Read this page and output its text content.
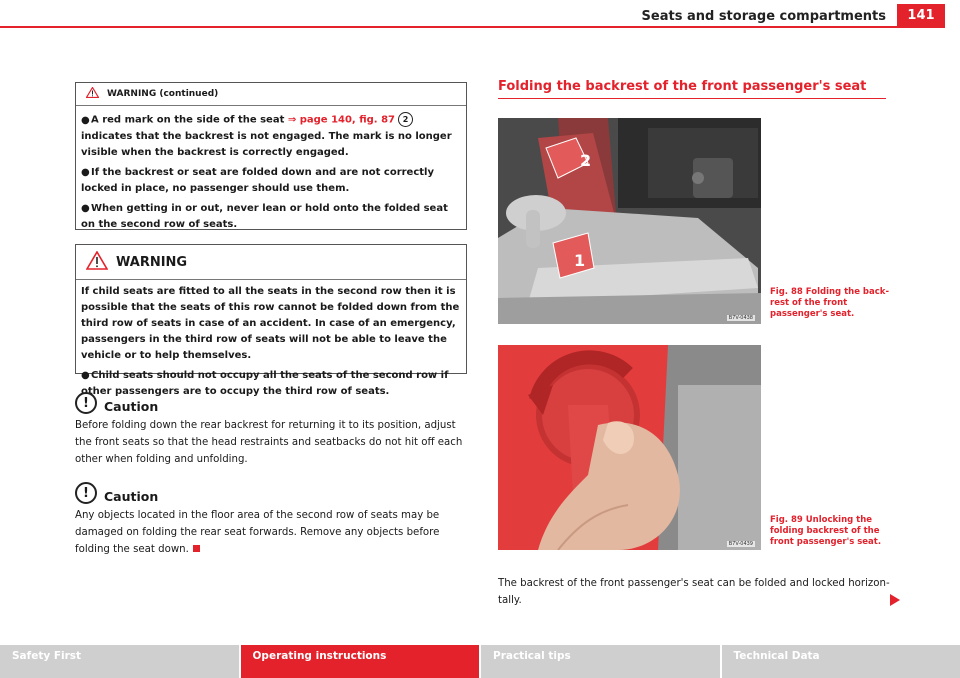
Seats and storage compartments	141
WARNING (continued)

●A red mark on the side of the seat ⇒ page 140, fig. 87 2indicates that the backrest is not engaged. The mark is no longer visible when the backrest is correctly engaged.

●If the backrest or seat are folded down and are not correctly locked in place, no passenger should use them.

●When getting in or out, never lean or hold onto the folded seat on the second row of seats.

WARNING

If child seats are fitted to all the seats in the second row then it is possible that the seats of this row cannot be folded down from the third row of seats in case of an accident. In case of an emergency, passengers in the third row of seats will not be able to leave the vehicle or to help themselves.

●Child seats should not occupy all the seats of the second row if other passengers are to occupy the third row of seats.

!	Caution
Before folding down the rear backrest for returning it to its position, adjust the front seats so that the head restraints and seatbacks do not hit off each other when folding and unfolding.
!	Caution
Any objects located in the floor area of the second row of seats may be damaged on folding the rear seat forwards. Remove any objects before folding the seat down.
Folding the backrest of the front passenger's seat
2
1
B7V-0438
Fig. 88 Folding the back-rest of the front passenger's seat.
B7V-0439
Fig. 89 Unlocking the folding backrest of the front passenger's seat.
The backrest of the front passenger's seat can be folded and locked horizon-tally.
Safety First	Operating instructions	Practical tips	Technical Data
